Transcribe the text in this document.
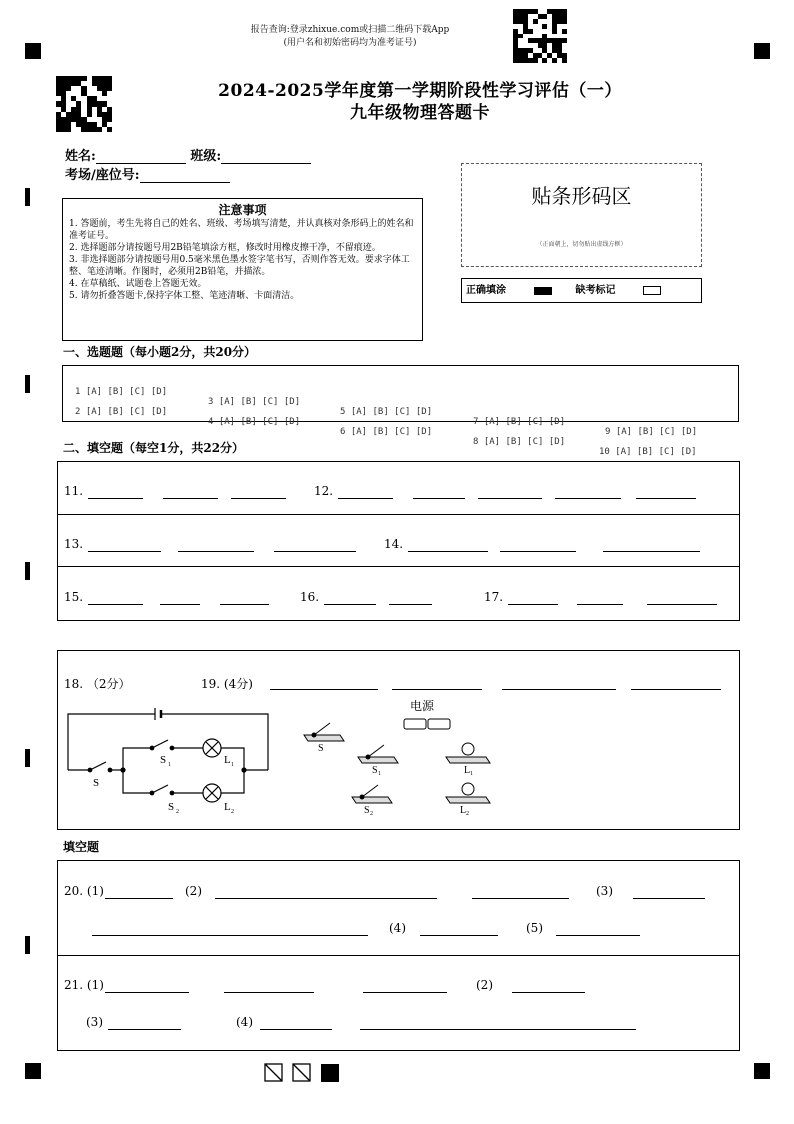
报告查询:登录zhixue.com或扫描二维码下载App
(用户名和初始密码均为准考证号)
2024-2025学年度第一学期阶段性学习评估（一）
九年级物理答题卡
姓名:	班级:
考场/座位号:
注意事项
1. 答题前，考生先将自己的姓名、班级、考场填写清楚，并认真核对条形码上的姓名和准考证号。
2. 选择题部分请按题号用2B铅笔填涂方框，修改时用橡皮擦干净，不留痕迹。
3. 非选择题部分请按题号用0.5毫米黑色墨水签字笔书写，否则作答无效。要求字体工整、笔迹清晰。作图时，必须用2B铅笔，并描浓。
4. 在草稿纸、试题卷上答题无效。
5. 请勿折叠答题卡,保持字体工整、笔迹清晰、卡面清洁。
贴条形码区
（正面朝上，切勿贴出虚线方框）
正确填涂	缺考标记
一、选题题（每小题2分，共20分）

1 [A] [B] [C] [D]

3 [A] [B] [C] [D]

5 [A] [B] [C] [D]

7 [A] [B] [C] [D]

9 [A] [B] [C] [D]

2 [A] [B] [C] [D]

4 [A] [B] [C] [D]

6 [A] [B] [C] [D]

8 [A] [B] [C] [D]

10 [A] [B] [C] [D]

二、填空题（每空1分，共22分）
11.	12.
13.	14.
15.	16.	17.
18. （2分）	19. (4分)
S
S 1	L 1
S 2	L 2
电源
S
S 1
S 2
L 1
L 2
填空题
20. (1)	(2)	(3)
(4)	(5)
21. (1)	(2)
(3)	(4)
